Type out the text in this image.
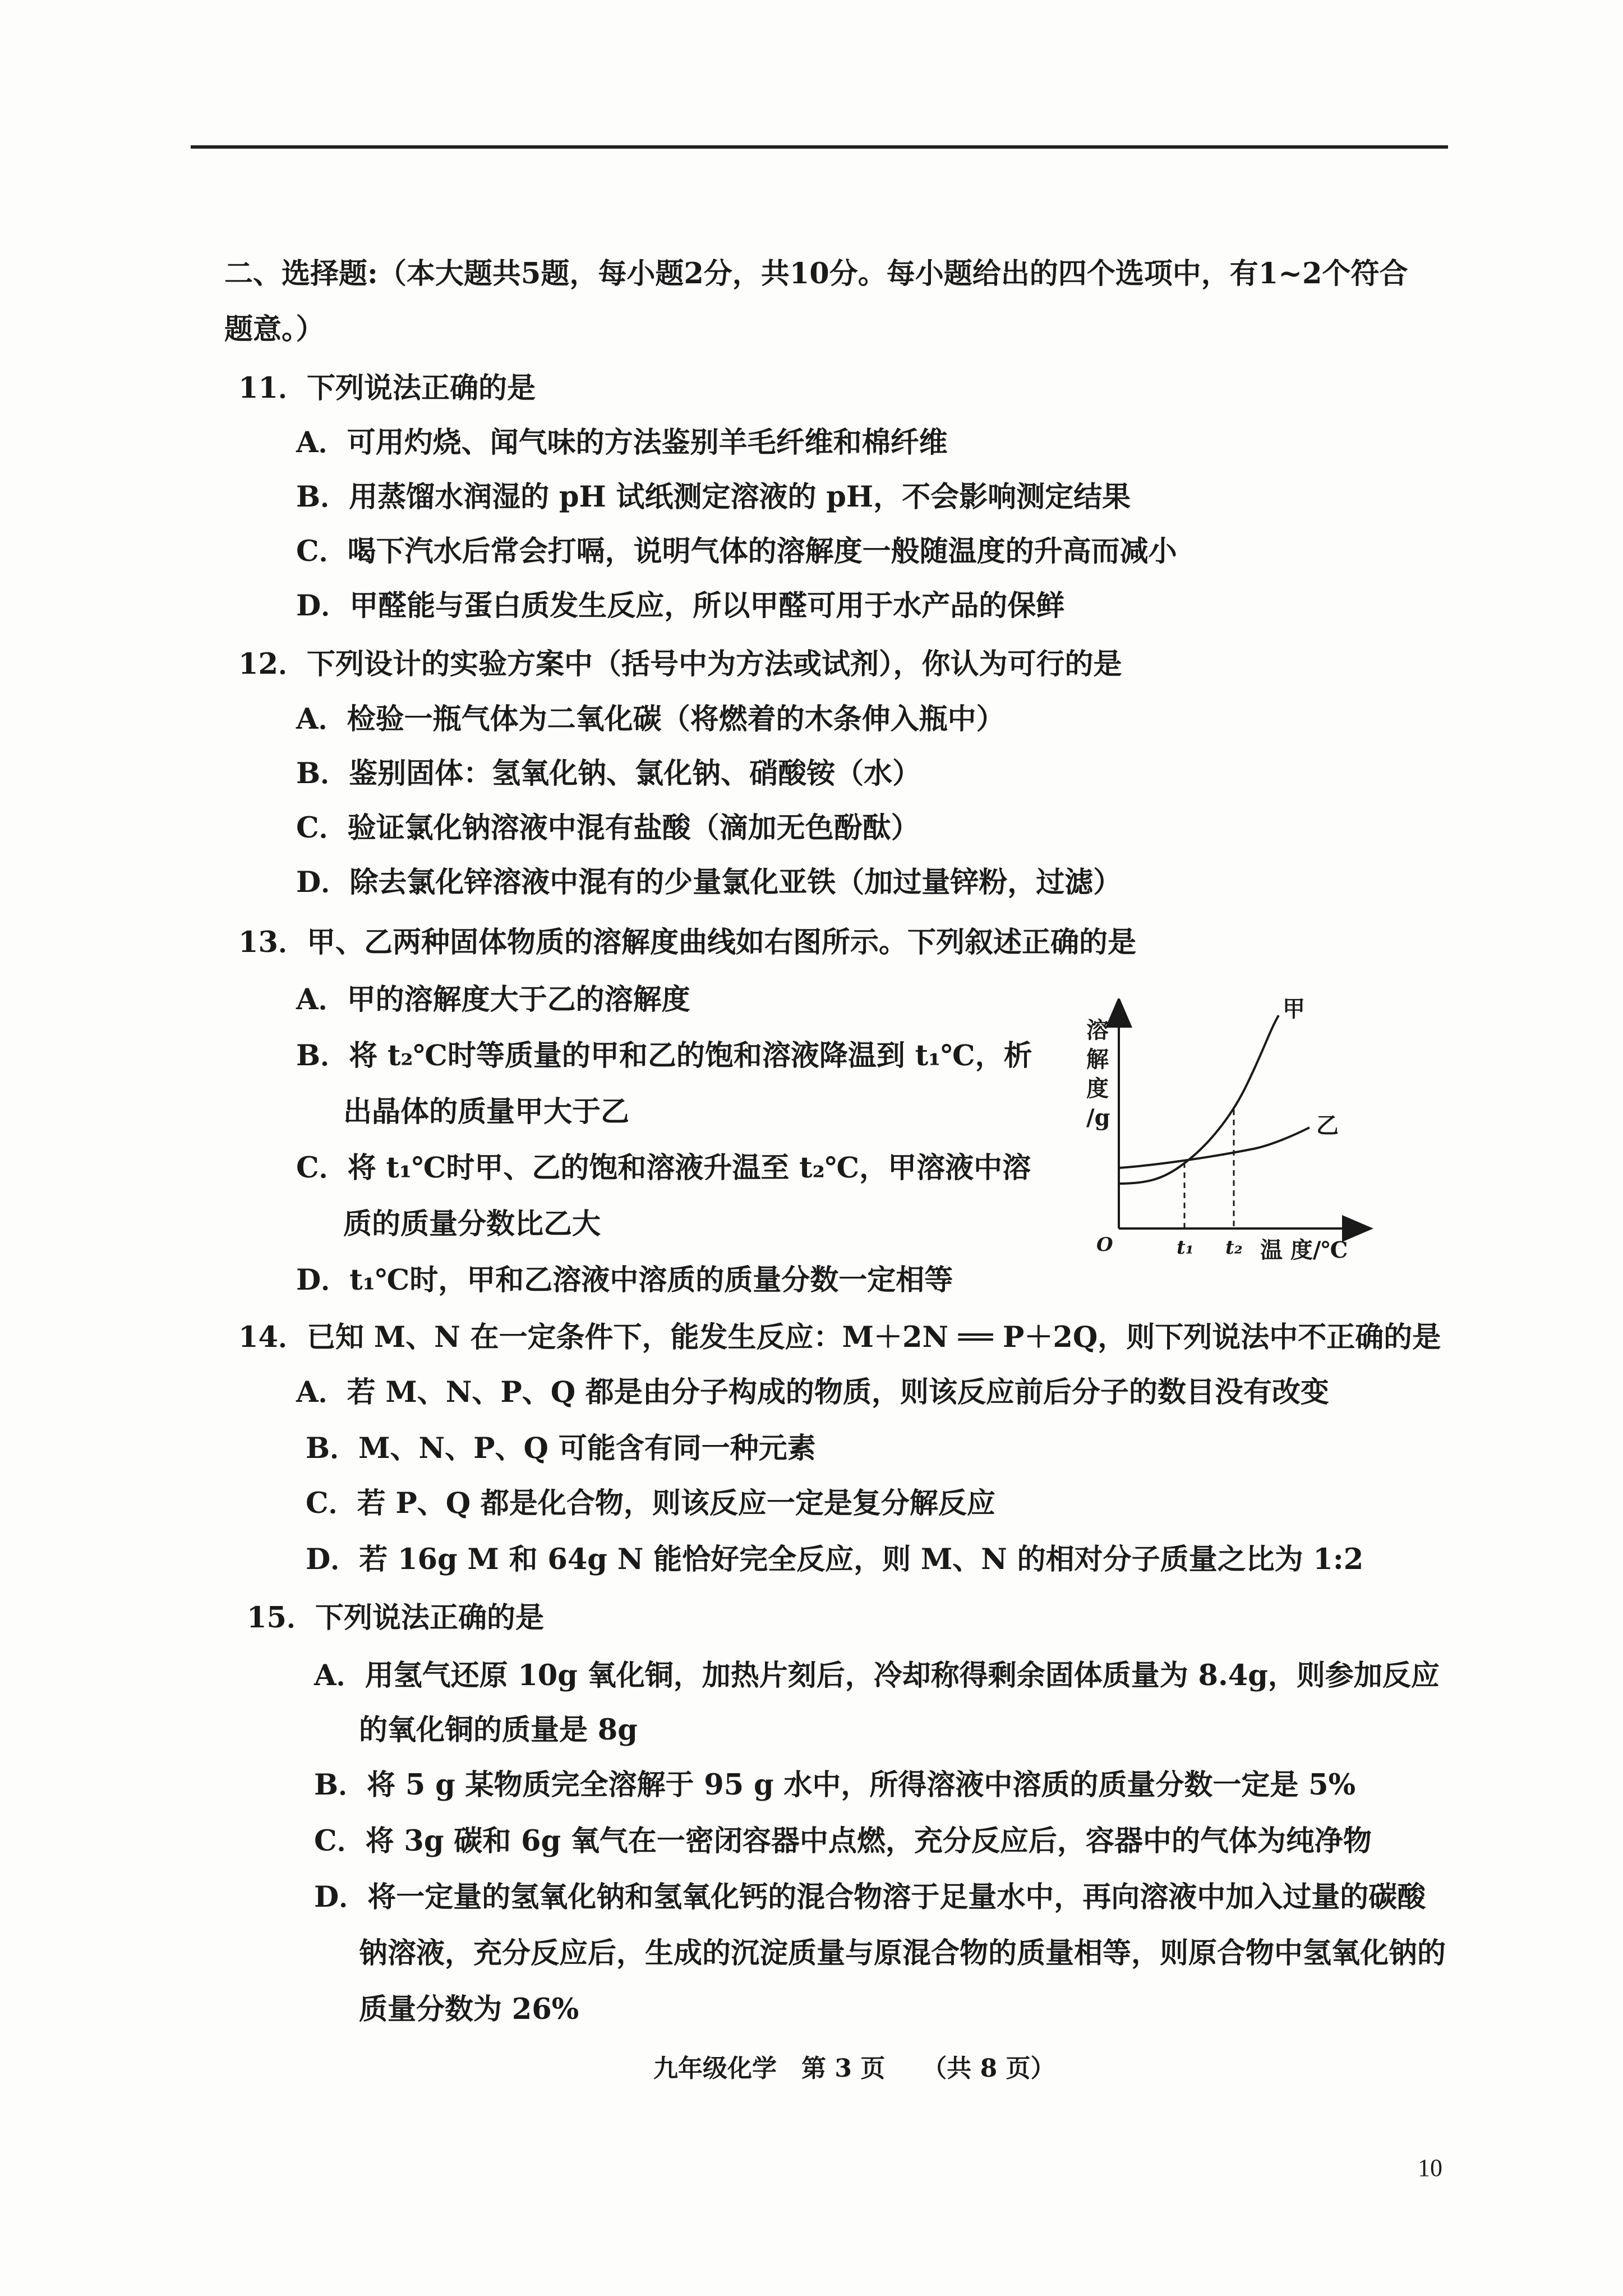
二、选择题:（本大题共5题，每小题2分，共10分。每小题给出的四个选项中，有1~2个符合
题意。）
11．下列说法正确的是
A．可用灼烧、闻气味的方法鉴别羊毛纤维和棉纤维
B．用蒸馏水润湿的 pH 试纸测定溶液的 pH，不会影响测定结果
C．喝下汽水后常会打嗝，说明气体的溶解度一般随温度的升高而减小
D．甲醛能与蛋白质发生反应，所以甲醛可用于水产品的保鲜
12．下列设计的实验方案中（括号中为方法或试剂），你认为可行的是
A．检验一瓶气体为二氧化碳（将燃着的木条伸入瓶中）
B．鉴别固体：氢氧化钠、氯化钠、硝酸铵（水）
C．验证氯化钠溶液中混有盐酸（滴加无色酚酞）
D．除去氯化锌溶液中混有的少量氯化亚铁（加过量锌粉，过滤）
13．甲、乙两种固体物质的溶解度曲线如右图所示。下列叙述正确的是
A．甲的溶解度大于乙的溶解度
B．将 t₂℃时等质量的甲和乙的饱和溶液降温到 t₁℃，析
出晶体的质量甲大于乙
C．将 t₁℃时甲、乙的饱和溶液升温至 t₂℃，甲溶液中溶
质的质量分数比乙大
D．t₁℃时，甲和乙溶液中溶质的质量分数一定相等
溶
解
度
/g
O	t₁ t₂ 温 度/℃
甲
乙
14．已知 M、N 在一定条件下，能发生反应：M＋2N ══ P＋2Q，则下列说法中不正确的是
A．若 M、N、P、Q 都是由分子构成的物质，则该反应前后分子的数目没有改变
B．M、N、P、Q 可能含有同一种元素
C．若 P、Q 都是化合物，则该反应一定是复分解反应
D．若 16g M 和 64g N 能恰好完全反应，则 M、N 的相对分子质量之比为 1:2
15．下列说法正确的是
A．用氢气还原 10g 氧化铜，加热片刻后，冷却称得剩余固体质量为 8.4g，则参加反应
的氧化铜的质量是 8g
B．将 5 g 某物质完全溶解于 95 g 水中，所得溶液中溶质的质量分数一定是 5%
C．将 3g 碳和 6g 氧气在一密闭容器中点燃，充分反应后，容器中的气体为纯净物
D．将一定量的氢氧化钠和氢氧化钙的混合物溶于足量水中，再向溶液中加入过量的碳酸
钠溶液，充分反应后，生成的沉淀质量与原混合物的质量相等，则原合物中氢氧化钠的
质量分数为 26%
九年级化学　第 3 页　　（共 8 页）
10
